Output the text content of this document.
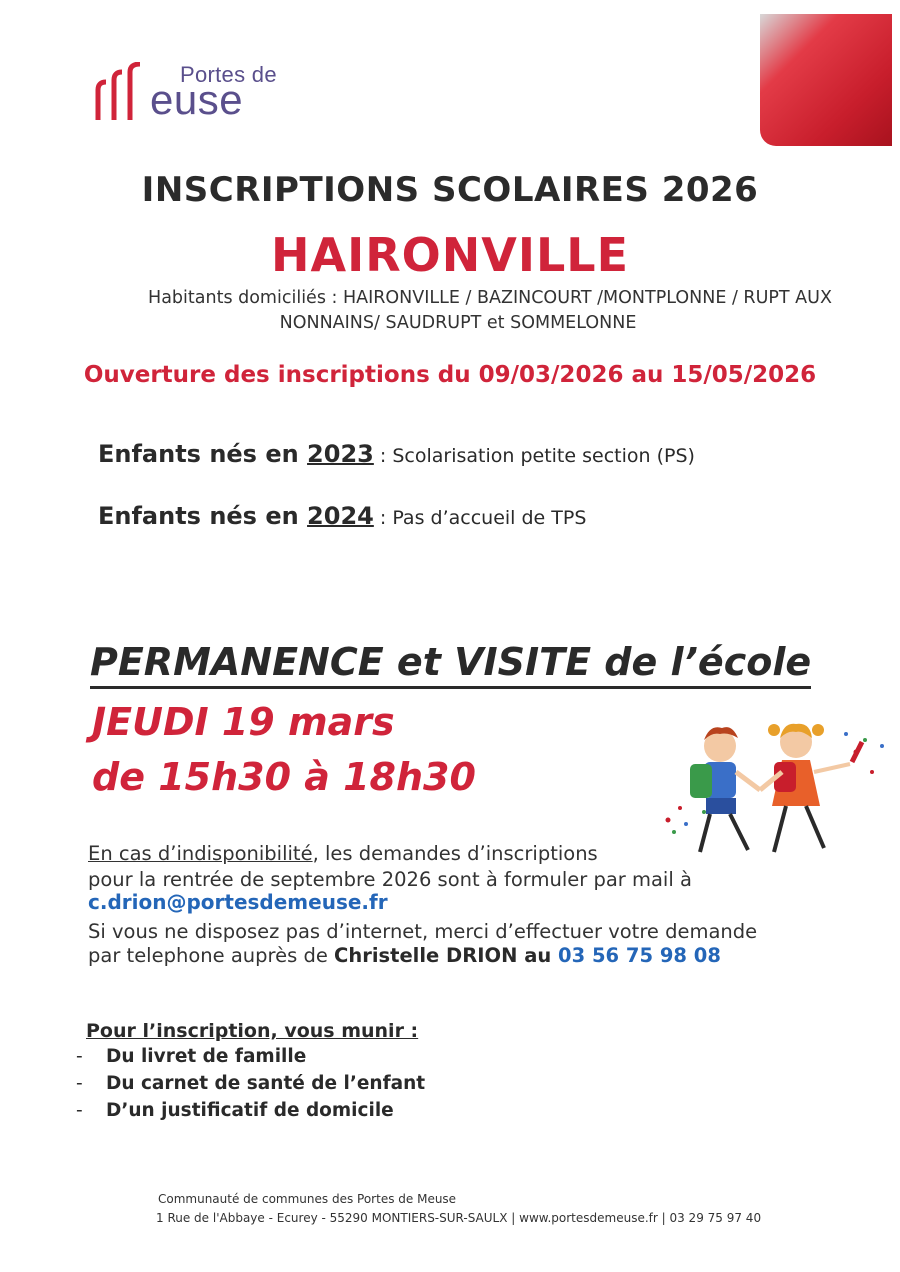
Portes de
euse
INSCRIPTIONS SCOLAIRES 2026
HAIRONVILLE
Habitants domiciliés : HAIRONVILLE / BAZINCOURT /MONTPLONNE / RUPT AUX
NONNAINS/ SAUDRUPT et SOMMELONNE
Ouverture des inscriptions du 09/03/2026 au 15/05/2026
Enfants nés en 2023 : Scolarisation petite section (PS)
Enfants nés en 2024 : Pas d’accueil de TPS
PERMANENCE et VISITE de l’école
JEUDI 19 mars
de 15h30 à 18h30
En cas d’indisponibilité, les demandes d’inscriptions
pour la rentrée de septembre 2026 sont à formuler par mail à
c.drion@portesdemeuse.fr
Si vous ne disposez pas d’internet, merci d’effectuer votre demande
par telephone auprès de Christelle DRION au 03 56 75 98 08
Pour l’inscription, vous munir :
- Du livret de famille
- Du carnet de santé de l’enfant
- D’un justificatif de domicile
Communauté de communes des Portes de Meuse
1 Rue de l'Abbaye - Ecurey - 55290 MONTIERS-SUR-SAULX | www.portesdemeuse.fr | 03 29 75 97 40
